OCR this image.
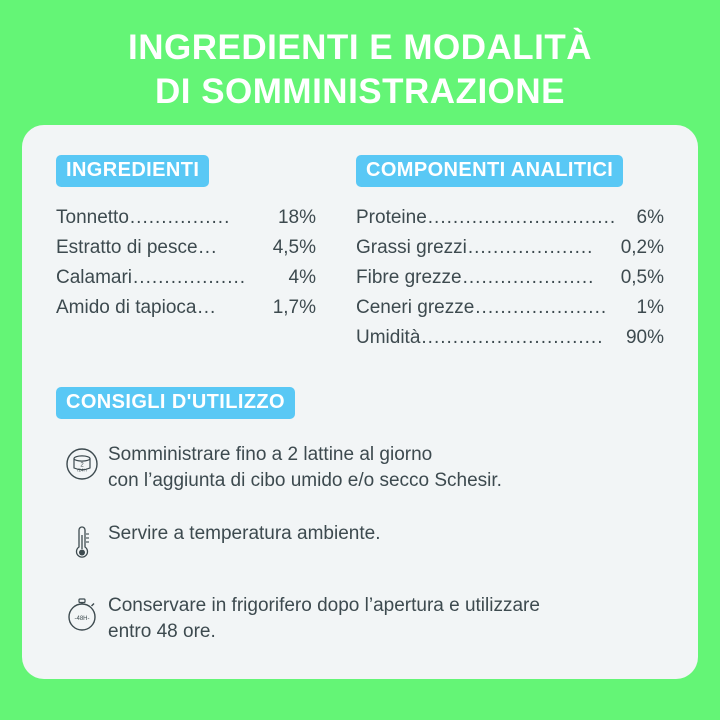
INGREDIENTI E MODALITÀ
DI SOMMINISTRAZIONE
INGREDIENTI
Tonnetto ................	18%
Estratto di pesce ...	4,5%
Calamari ..................	4%
Amido di tapioca ...	1,7%
COMPONENTI ANALITICI
Proteine ..............................	6%
Grassi grezzi ....................	0,2%
Fibre grezze .....................	0,5%
Ceneri grezze .....................	1%
Umidità .............................	90%
CONSIGLI D'UTILIZZO
2
/24H
Somministrare fino a 2 lattine al giorno
con l’aggiunta di cibo umido e/o secco Schesir.
Servire a temperatura ambiente.
-48H-
Conservare in frigorifero dopo l’apertura e utilizzare
entro 48 ore.
